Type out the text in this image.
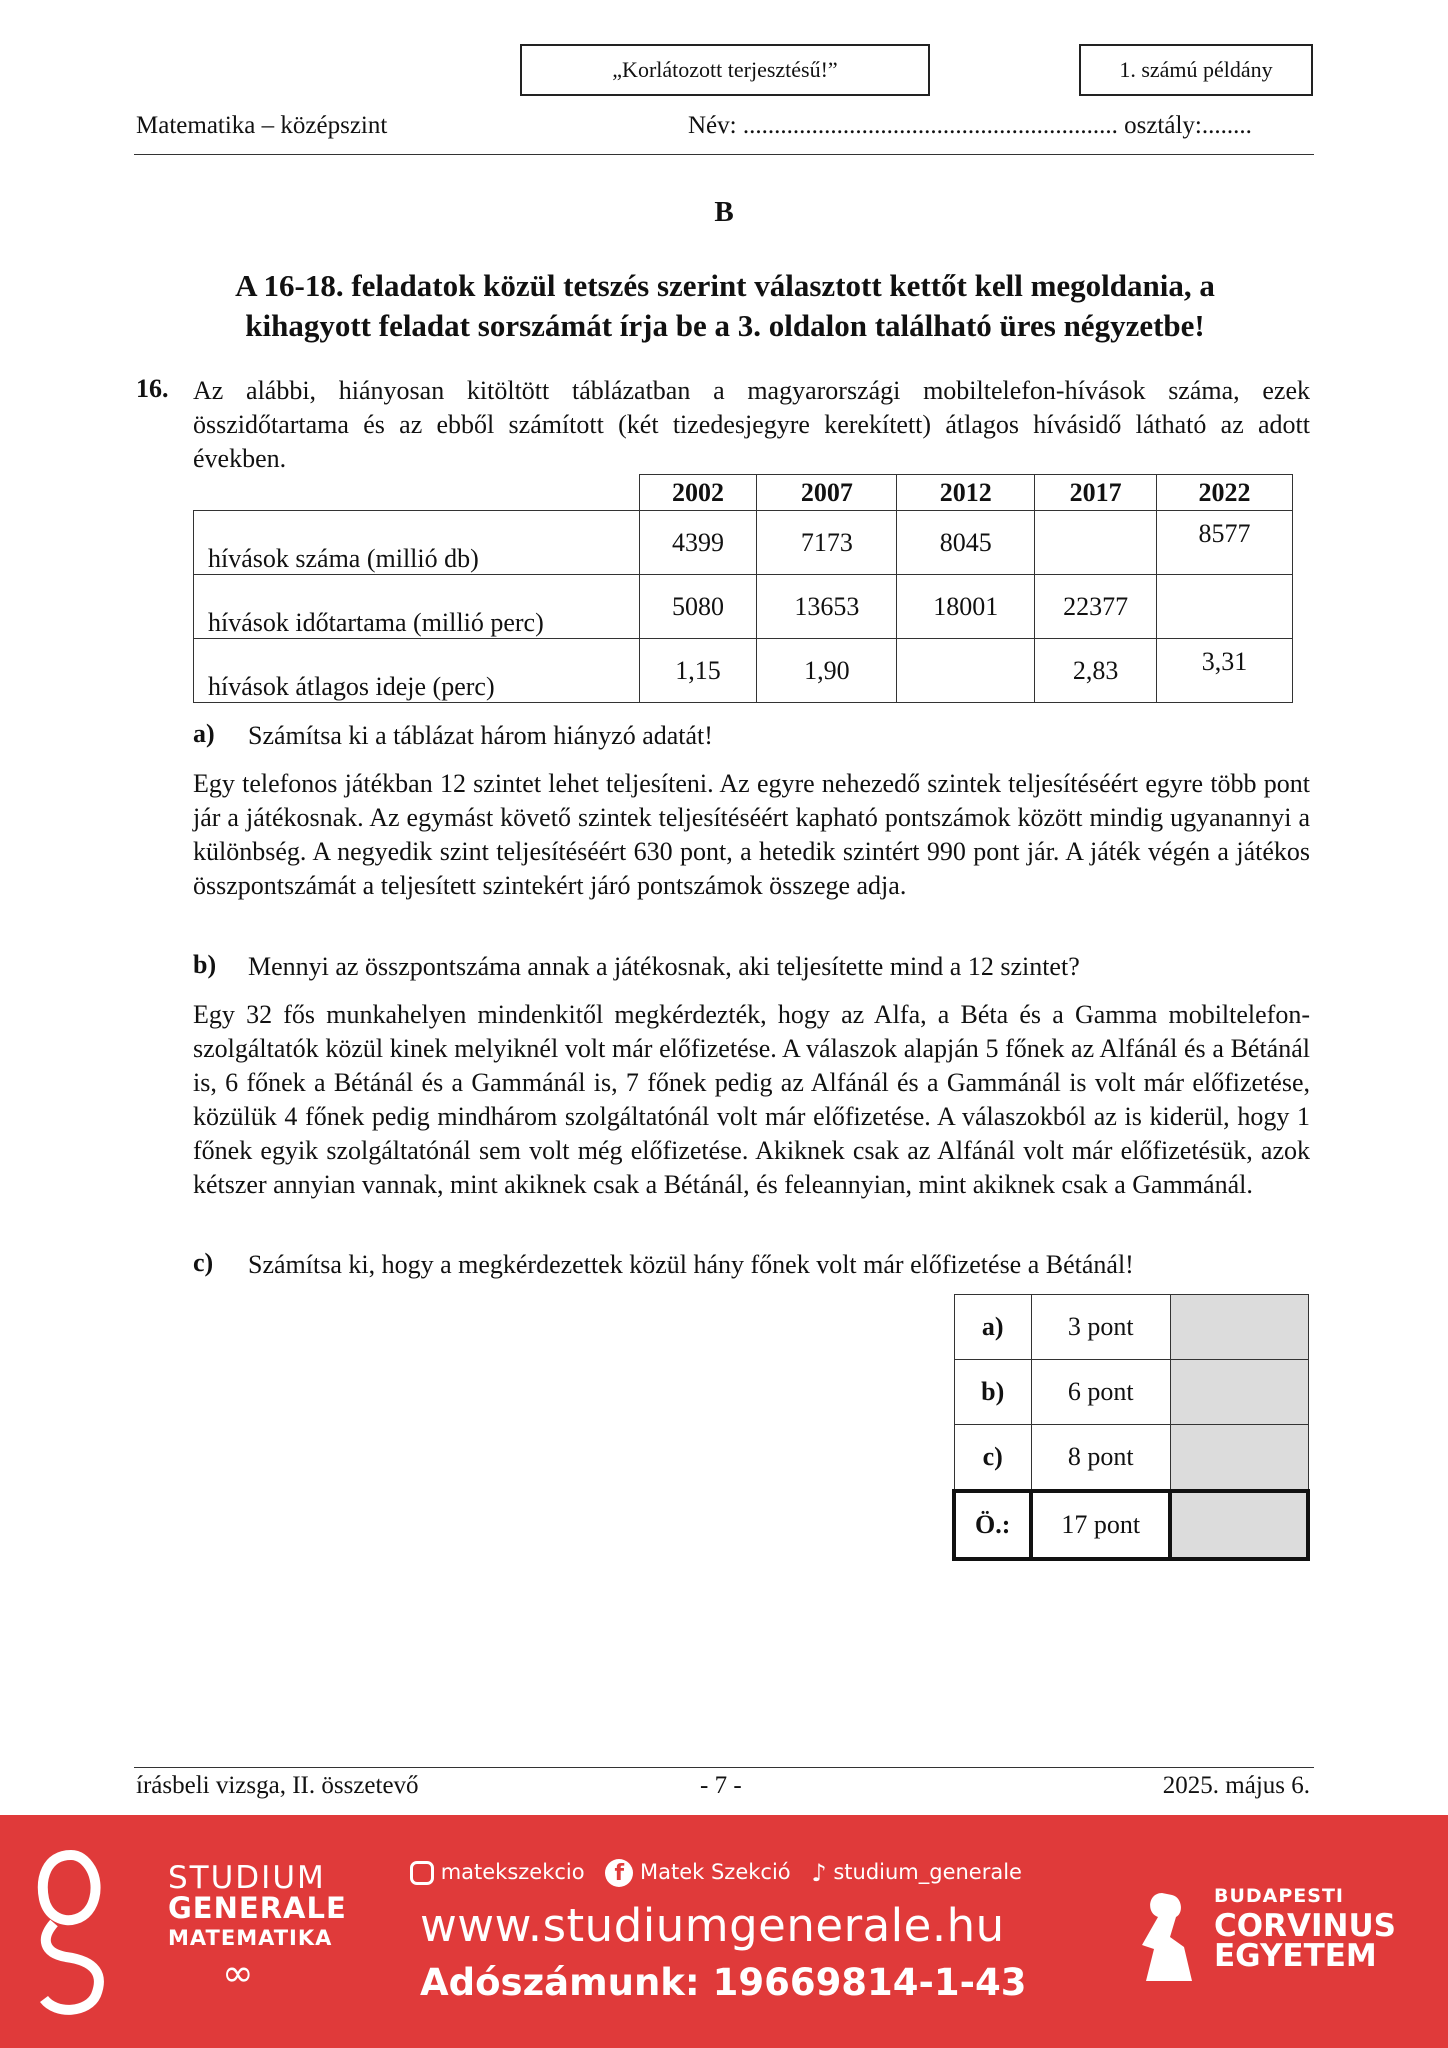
„Korlátozott terjesztésű!”	1. számú példány
Matematika – középszint	Név: ............................................................ osztály:........
B
A 16-18. feladatok közül tetszés szerint választott kettőt kell megoldania, a
kihagyott feladat sorszámát írja be a 3. oldalon található üres négyzetbe!
16. Az alábbi, hiányosan kitöltött táblázatban a magyarországi mobiltelefon-hívások száma, ezek összidőtartama és az ebből számított (két tizedesjegyre kerekített) átlagos hívásidő látható az adott években.
	2002	2007	2012	2017	2022
hívások száma (millió db)	4399	7173	8045		8577
hívások időtartama (millió perc)	5080	13653	18001	22377	
hívások átlagos ideje (perc)	1,15	1,90		2,83	3,31
a) Számítsa ki a táblázat három hiányzó adatát!
Egy telefonos játékban 12 szintet lehet teljesíteni. Az egyre nehezedő szintek teljesítéséért egyre több pont jár a játékosnak. Az egymást követő szintek teljesítéséért kapható pontszámok között mindig ugyanannyi a különbség. A negyedik szint teljesítéséért 630 pont, a hetedik szintért 990 pont jár. A játék végén a játékos összpontszámát a teljesített szintekért járó pontszámok összege adja.
b) Mennyi az összpontszáma annak a játékosnak, aki teljesítette mind a 12 szintet?
Egy 32 fős munkahelyen mindenkitől megkérdezték, hogy az Alfa, a Béta és a Gamma mobiltelefon-szolgáltatók közül kinek melyiknél volt már előfizetése. A válaszok alapján 5 főnek az Alfánál és a Bétánál is, 6 főnek a Bétánál és a Gammánál is, 7 főnek pedig az Alfánál és a Gammánál is volt már előfizetése, közülük 4 főnek pedig mindhárom szolgáltatónál volt már előfizetése. A válaszokból az is kiderül, hogy 1 főnek egyik szolgáltatónál sem volt még előfizetése. Akiknek csak az Alfánál volt már előfizetésük, azok kétszer annyian vannak, mint akiknek csak a Bétánál, és feleannyian, mint akiknek csak a Gammánál.
c) Számítsa ki, hogy a megkérdezettek közül hány főnek volt már előfizetése a Bétánál!
a)	3 pont	
b)	6 pont	
c)	8 pont	
Ö.:	17 pont	
írásbeli vizsga, II. összetevő	- 7 -	2025. május 6.
STUDIUM
GENERALE
MATEMATIKA
∞
matekszekcio f Matek Szekció ♪ studium_generale
www.studiumgenerale.hu
Adószámunk: 19669814-1-43
BUDAPESTI
CORVINUS
EGYETEM
